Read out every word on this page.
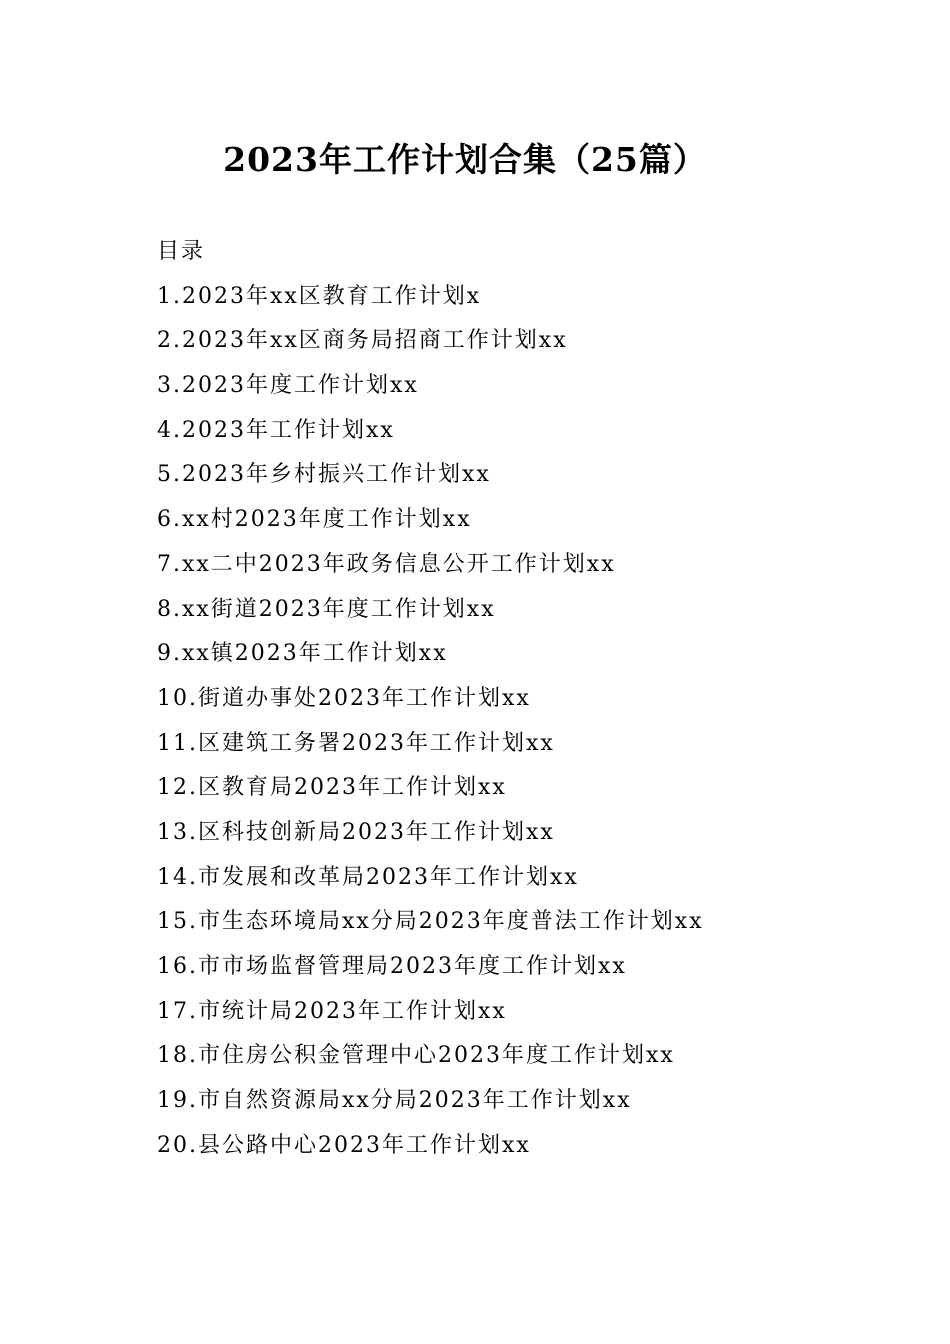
2023年工作计划合集（25篇）
目录
1.2023年xx区教育工作计划x
2.2023年xx区商务局招商工作计划xx
3.2023年度工作计划xx
4.2023年工作计划xx
5.2023年乡村振兴工作计划xx
6.xx村2023年度工作计划xx
7.xx二中2023年政务信息公开工作计划xx
8.xx街道2023年度工作计划xx
9.xx镇2023年工作计划xx
10.街道办事处2023年工作计划xx
11.区建筑工务署2023年工作计划xx
12.区教育局2023年工作计划xx
13.区科技创新局2023年工作计划xx
14.市发展和改革局2023年工作计划xx
15.市生态环境局xx分局2023年度普法工作计划xx
16.市市场监督管理局2023年度工作计划xx
17.市统计局2023年工作计划xx
18.市住房公积金管理中心2023年度工作计划xx
19.市自然资源局xx分局2023年工作计划xx
20.县公路中心2023年工作计划xx
